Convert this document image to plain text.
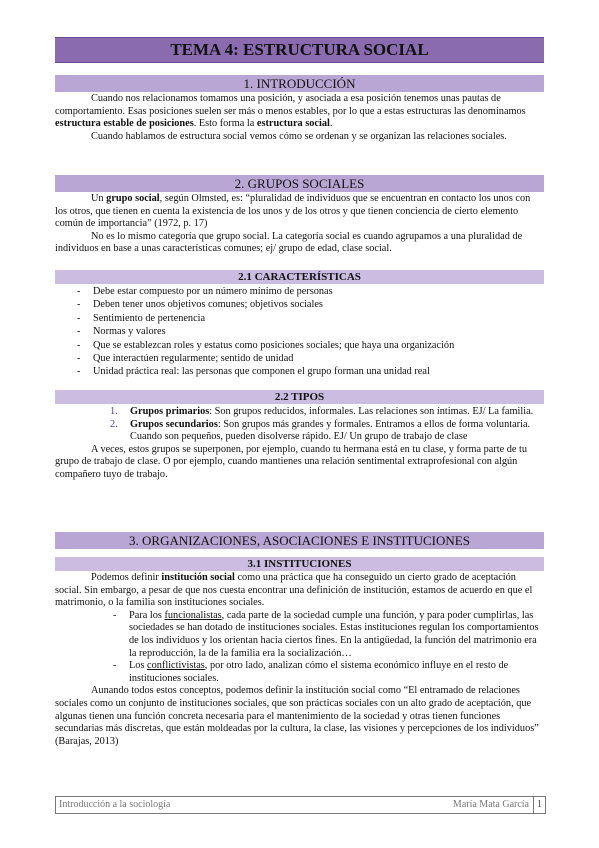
TEMA 4: ESTRUCTURA SOCIAL
1. INTRODUCCIÓN

Cuando nos relacionamos tomamos una posición, y asociada a esa posición tenemos unas pautas de comportamiento. Esas posiciones suelen ser más o menos estables, por lo que a estas estructuras las denominamos estructura estable de posiciones. Esto forma la estructura social.

Cuando hablamos de estructura social vemos cómo se ordenan y se organizan las relaciones sociales.

2. GRUPOS SOCIALES

Un grupo social, según Olmsted, es: “pluralidad de individuos que se encuentran en contacto los unos con los otros, que tienen en cuenta la existencia de los unos y de los otros y que tienen conciencia de cierto elemento común de importancia” (1972, p. 17)

No es lo mismo categoría que grupo social. La categoría social es cuando agrupamos a una pluralidad de individuos en base a unas características comunes; ej/ grupo de edad, clase social.

2.1 CARACTERÍSTICAS
- Debe estar compuesto por un número mínimo de personas
- Deben tener unos objetivos comunes; objetivos sociales
- Sentimiento de pertenencia
- Normas y valores
- Que se establezcan roles y estatus como posiciones sociales; que haya una organización
- Que interactúen regularmente; sentido de unidad
- Unidad práctica real: las personas que componen el grupo forman una unidad real
2.2 TIPOS
1. Grupos primarios: Son grupos reducidos, informales. Las relaciones son íntimas. EJ/ La familia.
2. Grupos secundarios: Son grupos más grandes y formales. Entramos a ellos de forma voluntaria. Cuando son pequeños, pueden disolverse rápido. EJ/ Un grupo de trabajo de clase

A veces, estos grupos se superponen, por ejemplo, cuando tu hermana está en tu clase, y forma parte de tu grupo de trabajo de clase. O por ejemplo, cuando mantienes una relación sentimental extraprofesional con algún compañero tuyo de trabajo.

3. ORGANIZACIONES, ASOCIACIONES E INSTITUCIONES
3.1 INSTITUCIONES

Podemos definir institución social como una práctica que ha conseguido un cierto grado de aceptación social. Sin embargo, a pesar de que nos cuesta encontrar una definición de institución, estamos de acuerdo en que el matrimonio, o la familia son instituciones sociales.

- Para los funcionalistas, cada parte de la sociedad cumple una función, y para poder cumplirlas, las sociedades se han dotado de instituciones sociales. Estas instituciones regulan los comportamientos de los individuos y los orientan hacia ciertos fines. En la antigüedad, la función del matrimonio era la reproducción, la de la familia era la socialización…
- Los conflictivistas, por otro lado, analizan cómo el sistema económico influye en el resto de instituciones sociales.

Aunando todos estos conceptos, podemos definir la institución social como “El entramado de relaciones sociales como un conjunto de instituciones sociales, que son prácticas sociales con un alto grado de aceptación, que algunas tienen una función concreta necesaria para el mantenimiento de la sociedad y otras tienen funciones secundarias más discretas, que están moldeadas por la cultura, la clase, las visiones y percepciones de los individuos” (Barajas, 2013)

Introducción a la sociología	María Mata García 1
